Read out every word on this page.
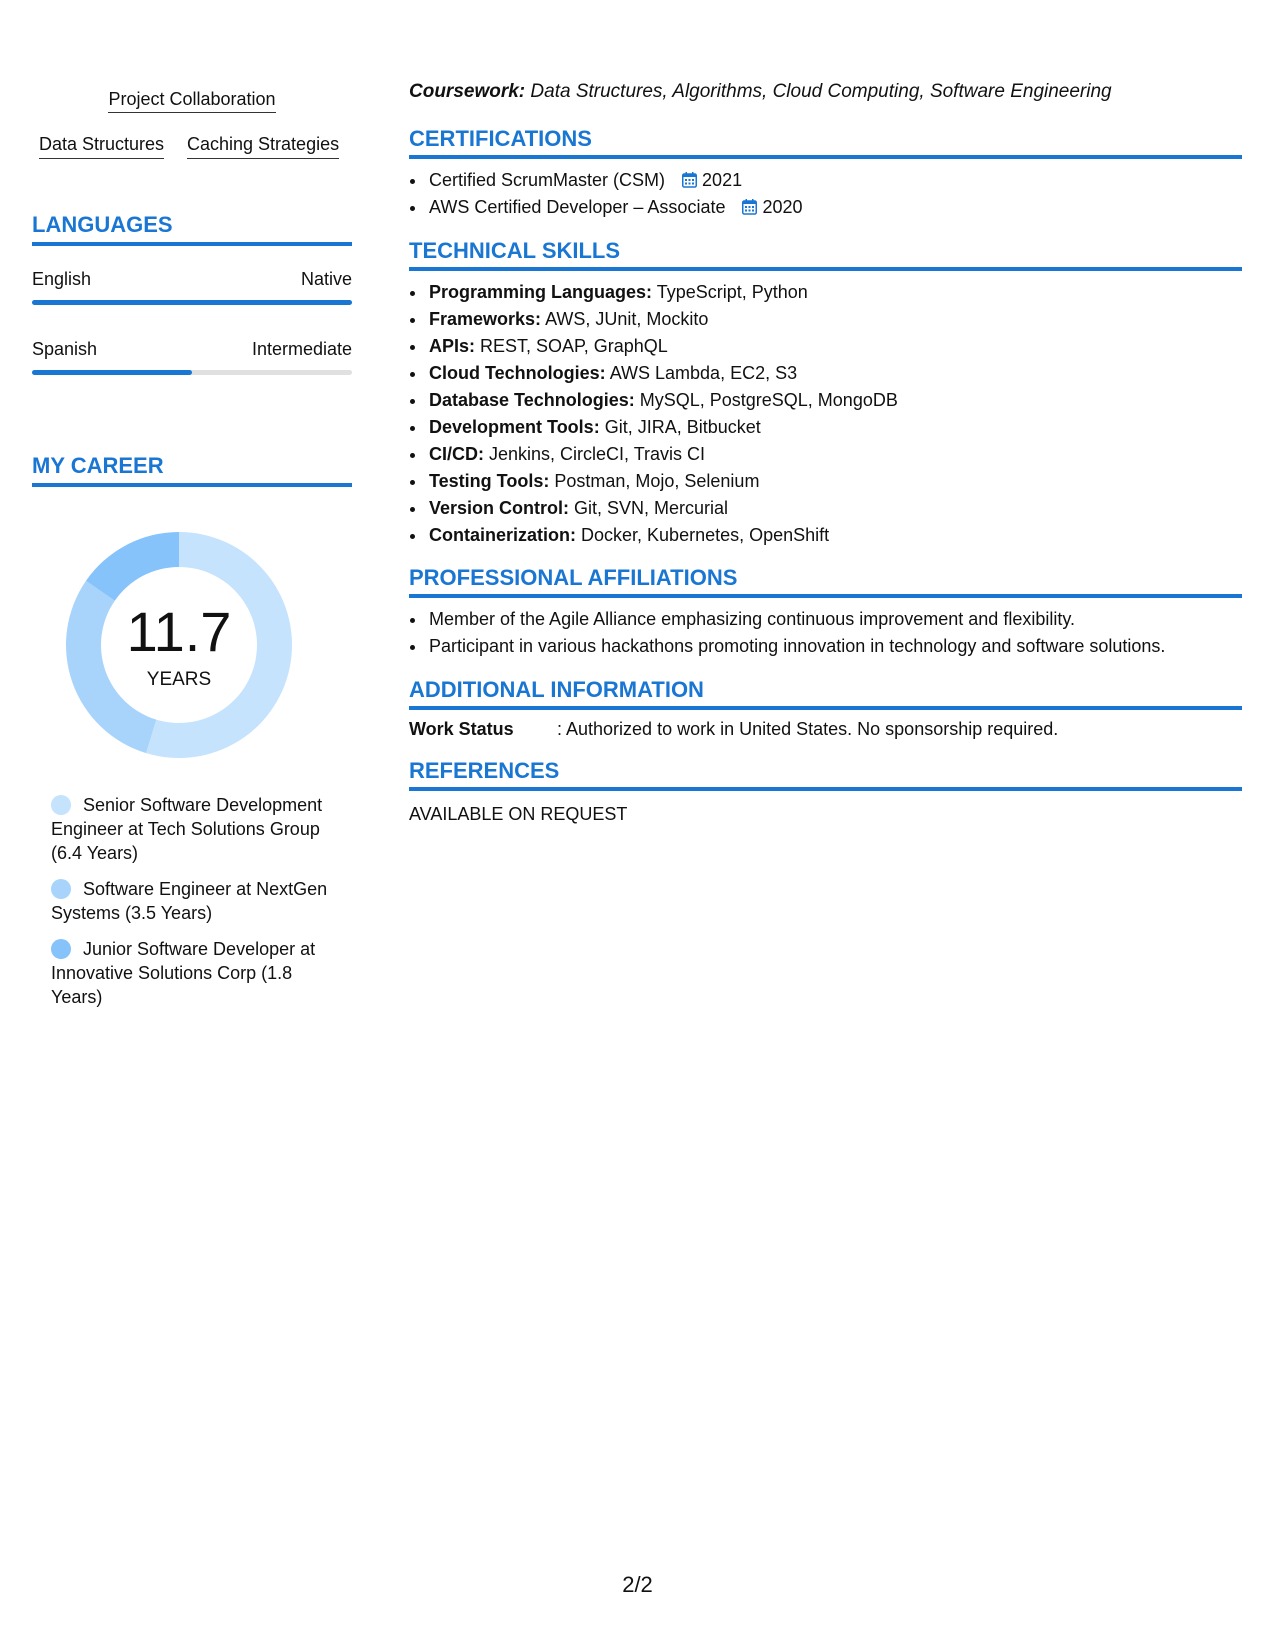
Project Collaboration
Data Structures Caching Strategies
LANGUAGES
English	Native
Spanish	Intermediate
MY CAREER
11.7
YEARS
Senior Software Development Engineer at Tech Solutions Group (6.4 Years)
Software Engineer at NextGen Systems (3.5 Years)
Junior Software Developer at Innovative Solutions Corp (1.8 Years)
Coursework: Data Structures, Algorithms, Cloud Computing, Software Engineering
CERTIFICATIONS
• Certified ScrumMaster (CSM) 2021
• AWS Certified Developer – Associate 2020
TECHNICAL SKILLS
• Programming Languages: TypeScript, Python
• Frameworks: AWS, JUnit, Mockito
• APIs: REST, SOAP, GraphQL
• Cloud Technologies: AWS Lambda, EC2, S3
• Database Technologies: MySQL, PostgreSQL, MongoDB
• Development Tools: Git, JIRA, Bitbucket
• CI/CD: Jenkins, CircleCI, Travis CI
• Testing Tools: Postman, Mojo, Selenium
• Version Control: Git, SVN, Mercurial
• Containerization: Docker, Kubernetes, OpenShift
PROFESSIONAL AFFILIATIONS
• Member of the Agile Alliance emphasizing continuous improvement and flexibility.
• Participant in various hackathons promoting innovation in technology and software solutions.
ADDITIONAL INFORMATION
Work Status : Authorized to work in United States. No sponsorship required.
REFERENCES
AVAILABLE ON REQUEST
2/2
